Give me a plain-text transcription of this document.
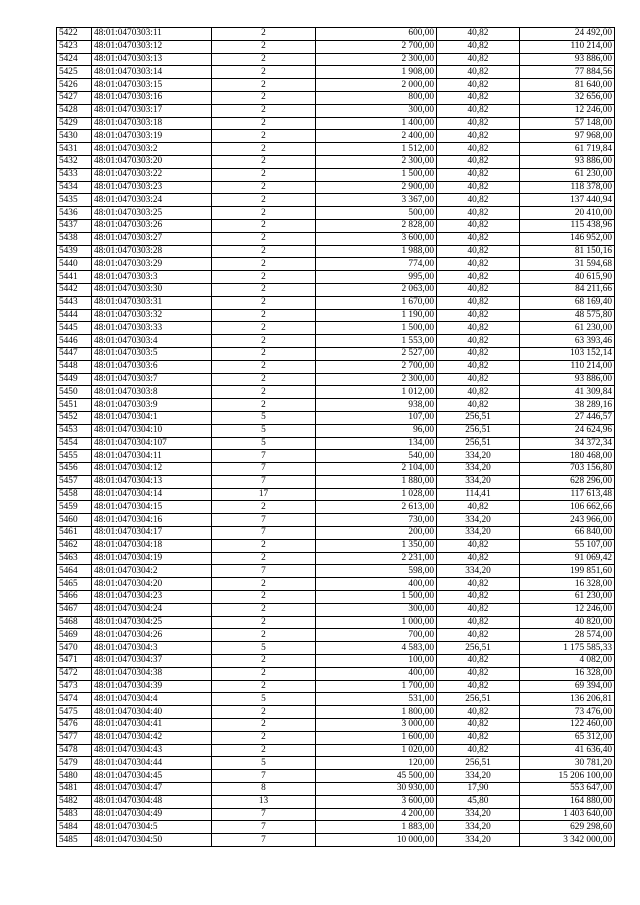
5422	48:01:0470303:11	2	600,00	40,82	24 492,00
5423	48:01:0470303:12	2	2 700,00	40,82	110 214,00
5424	48:01:0470303:13	2	2 300,00	40,82	93 886,00
5425	48:01:0470303:14	2	1 908,00	40,82	77 884,56
5426	48:01:0470303:15	2	2 000,00	40,82	81 640,00
5427	48:01:0470303:16	2	800,00	40,82	32 656,00
5428	48:01:0470303:17	2	300,00	40,82	12 246,00
5429	48:01:0470303:18	2	1 400,00	40,82	57 148,00
5430	48:01:0470303:19	2	2 400,00	40,82	97 968,00
5431	48:01:0470303:2	2	1 512,00	40,82	61 719,84
5432	48:01:0470303:20	2	2 300,00	40,82	93 886,00
5433	48:01:0470303:22	2	1 500,00	40,82	61 230,00
5434	48:01:0470303:23	2	2 900,00	40,82	118 378,00
5435	48:01:0470303:24	2	3 367,00	40,82	137 440,94
5436	48:01:0470303:25	2	500,00	40,82	20 410,00
5437	48:01:0470303:26	2	2 828,00	40,82	115 438,96
5438	48:01:0470303:27	2	3 600,00	40,82	146 952,00
5439	48:01:0470303:28	2	1 988,00	40,82	81 150,16
5440	48:01:0470303:29	2	774,00	40,82	31 594,68
5441	48:01:0470303:3	2	995,00	40,82	40 615,90
5442	48:01:0470303:30	2	2 063,00	40,82	84 211,66
5443	48:01:0470303:31	2	1 670,00	40,82	68 169,40
5444	48:01:0470303:32	2	1 190,00	40,82	48 575,80
5445	48:01:0470303:33	2	1 500,00	40,82	61 230,00
5446	48:01:0470303:4	2	1 553,00	40,82	63 393,46
5447	48:01:0470303:5	2	2 527,00	40,82	103 152,14
5448	48:01:0470303:6	2	2 700,00	40,82	110 214,00
5449	48:01:0470303:7	2	2 300,00	40,82	93 886,00
5450	48:01:0470303:8	2	1 012,00	40,82	41 309,84
5451	48:01:0470303:9	2	938,00	40,82	38 289,16
5452	48:01:0470304:1	5	107,00	256,51	27 446,57
5453	48:01:0470304:10	5	96,00	256,51	24 624,96
5454	48:01:0470304:107	5	134,00	256,51	34 372,34
5455	48:01:0470304:11	7	540,00	334,20	180 468,00
5456	48:01:0470304:12	7	2 104,00	334,20	703 156,80
5457	48:01:0470304:13	7	1 880,00	334,20	628 296,00
5458	48:01:0470304:14	17	1 028,00	114,41	117 613,48
5459	48:01:0470304:15	2	2 613,00	40,82	106 662,66
5460	48:01:0470304:16	7	730,00	334,20	243 966,00
5461	48:01:0470304:17	7	200,00	334,20	66 840,00
5462	48:01:0470304:18	2	1 350,00	40,82	55 107,00
5463	48:01:0470304:19	2	2 231,00	40,82	91 069,42
5464	48:01:0470304:2	7	598,00	334,20	199 851,60
5465	48:01:0470304:20	2	400,00	40,82	16 328,00
5466	48:01:0470304:23	2	1 500,00	40,82	61 230,00
5467	48:01:0470304:24	2	300,00	40,82	12 246,00
5468	48:01:0470304:25	2	1 000,00	40,82	40 820,00
5469	48:01:0470304:26	2	700,00	40,82	28 574,00
5470	48:01:0470304:3	5	4 583,00	256,51	1 175 585,33
5471	48:01:0470304:37	2	100,00	40,82	4 082,00
5472	48:01:0470304:38	2	400,00	40,82	16 328,00
5473	48:01:0470304:39	2	1 700,00	40,82	69 394,00
5474	48:01:0470304:4	5	531,00	256,51	136 206,81
5475	48:01:0470304:40	2	1 800,00	40,82	73 476,00
5476	48:01:0470304:41	2	3 000,00	40,82	122 460,00
5477	48:01:0470304:42	2	1 600,00	40,82	65 312,00
5478	48:01:0470304:43	2	1 020,00	40,82	41 636,40
5479	48:01:0470304:44	5	120,00	256,51	30 781,20
5480	48:01:0470304:45	7	45 500,00	334,20	15 206 100,00
5481	48:01:0470304:47	8	30 930,00	17,90	553 647,00
5482	48:01:0470304:48	13	3 600,00	45,80	164 880,00
5483	48:01:0470304:49	7	4 200,00	334,20	1 403 640,00
5484	48:01:0470304:5	7	1 883,00	334,20	629 298,60
5485	48:01:0470304:50	7	10 000,00	334,20	3 342 000,00
